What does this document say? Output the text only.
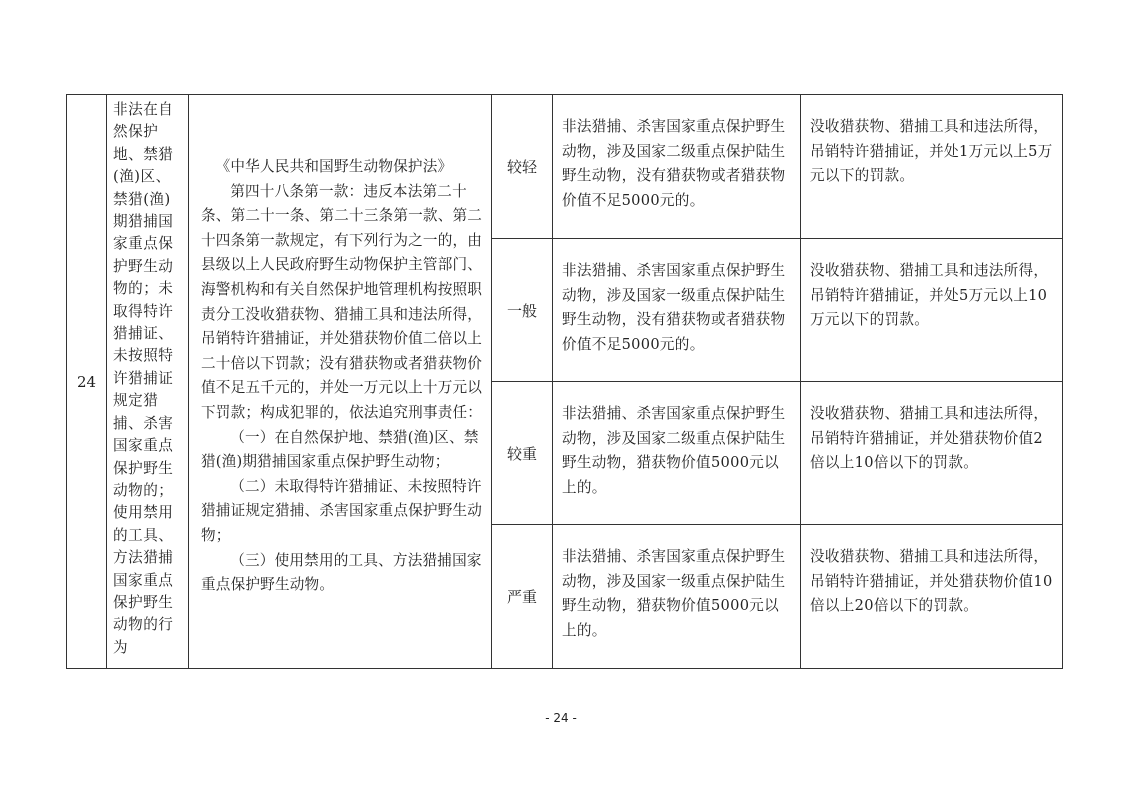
24	非法在自然保护地、禁猎(渔)区、禁猎(渔)期猎捕国家重点保护野生动物的；未取得特许猎捕证、未按照特许猎捕证规定猎捕、杀害国家重点保护野生动物的；使用禁用的工具、方法猎捕国家重点保护野生动物的行为	《中华人民共和国野生动物保护法》

第四十八条第一款：违反本法第二十条、第二十一条、第二十三条第一款、第二十四条第一款规定，有下列行为之一的，由县级以上人民政府野生动物保护主管部门、海警机构和有关自然保护地管理机构按照职责分工没收猎获物、猎捕工具和违法所得，吊销特许猎捕证，并处猎获物价值二倍以上二十倍以下罚款；没有猎获物或者猎获物价值不足五千元的，并处一万元以上十万元以下罚款；构成犯罪的，依法追究刑事责任：

（一）在自然保护地、禁猎(渔)区、禁猎(渔)期猎捕国家重点保护野生动物；

（二）未取得特许猎捕证、未按照特许猎捕证规定猎捕、杀害国家重点保护野生动物；

（三）使用禁用的工具、方法猎捕国家重点保护野生动物。	较轻	非法猎捕、杀害国家重点保护野生动物，涉及国家二级重点保护陆生野生动物，没有猎获物或者猎获物价值不足5000元的。	没收猎获物、猎捕工具和违法所得，吊销特许猎捕证，并处1万元以上5万元以下的罚款。

			一般	非法猎捕、杀害国家重点保护野生动物，涉及国家一级重点保护陆生野生动物，没有猎获物或者猎获物价值不足5000元的。	没收猎获物、猎捕工具和违法所得，吊销特许猎捕证，并处5万元以上10万元以下的罚款。

			较重	非法猎捕、杀害国家重点保护野生动物，涉及国家二级重点保护陆生野生动物，猎获物价值5000元以上的。	没收猎获物、猎捕工具和违法所得，吊销特许猎捕证，并处猎获物价值2倍以上10倍以下的罚款。

			严重	非法猎捕、杀害国家重点保护野生动物，涉及国家一级重点保护陆生野生动物，猎获物价值5000元以上的。	没收猎获物、猎捕工具和违法所得，吊销特许猎捕证，并处猎获物价值10倍以上20倍以下的罚款。
- 24 -
